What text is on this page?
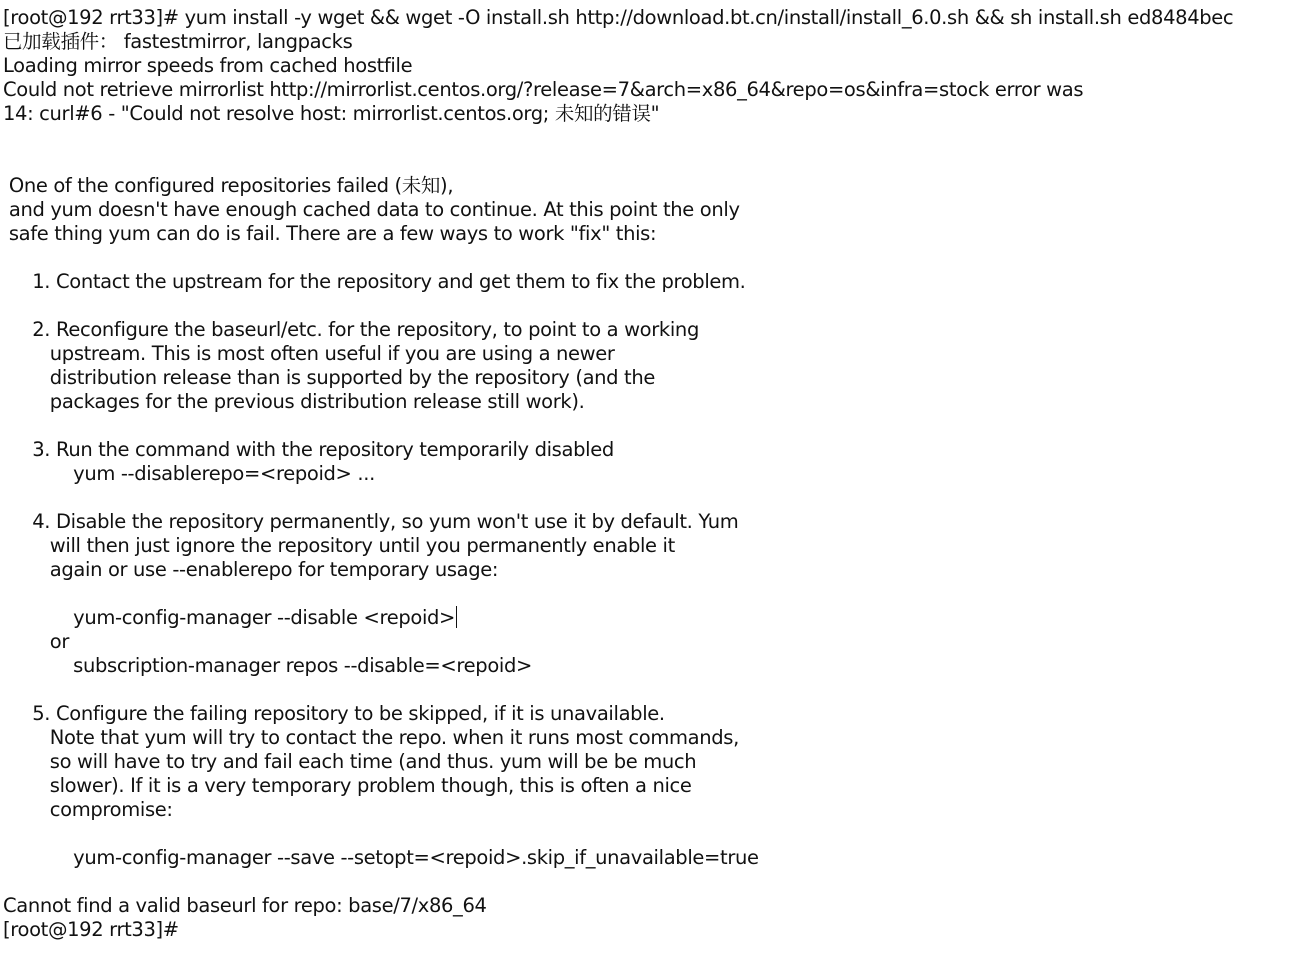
[root@192 rrt33]# yum install -y wget && wget -O install.sh http://download.bt.cn/install/install_6.0.sh && sh install.sh ed8484bec
已加载插件： fastestmirror, langpacks
Loading mirror speeds from cached hostfile
Could not retrieve mirrorlist http://mirrorlist.centos.org/?release=7&arch=x86_64&repo=os&infra=stock error was
14: curl#6 - "Could not resolve host: mirrorlist.centos.org; 未知的错误"
One of the configured repositories failed (未知),
and yum doesn't have enough cached data to continue. At this point the only
safe thing yum can do is fail. There are a few ways to work "fix" this:
1. Contact the upstream for the repository and get them to fix the problem.
2. Reconfigure the baseurl/etc. for the repository, to point to a working
upstream. This is most often useful if you are using a newer
distribution release than is supported by the repository (and the
packages for the previous distribution release still work).
3. Run the command with the repository temporarily disabled
yum --disablerepo=<repoid> ...
4. Disable the repository permanently, so yum won't use it by default. Yum
will then just ignore the repository until you permanently enable it
again or use --enablerepo for temporary usage:
yum-config-manager --disable <repoid>
or
subscription-manager repos --disable=<repoid>
5. Configure the failing repository to be skipped, if it is unavailable.
Note that yum will try to contact the repo. when it runs most commands,
so will have to try and fail each time (and thus. yum will be be much
slower). If it is a very temporary problem though, this is often a nice
compromise:
yum-config-manager --save --setopt=<repoid>.skip_if_unavailable=true
Cannot find a valid baseurl for repo: base/7/x86_64
[root@192 rrt33]#
